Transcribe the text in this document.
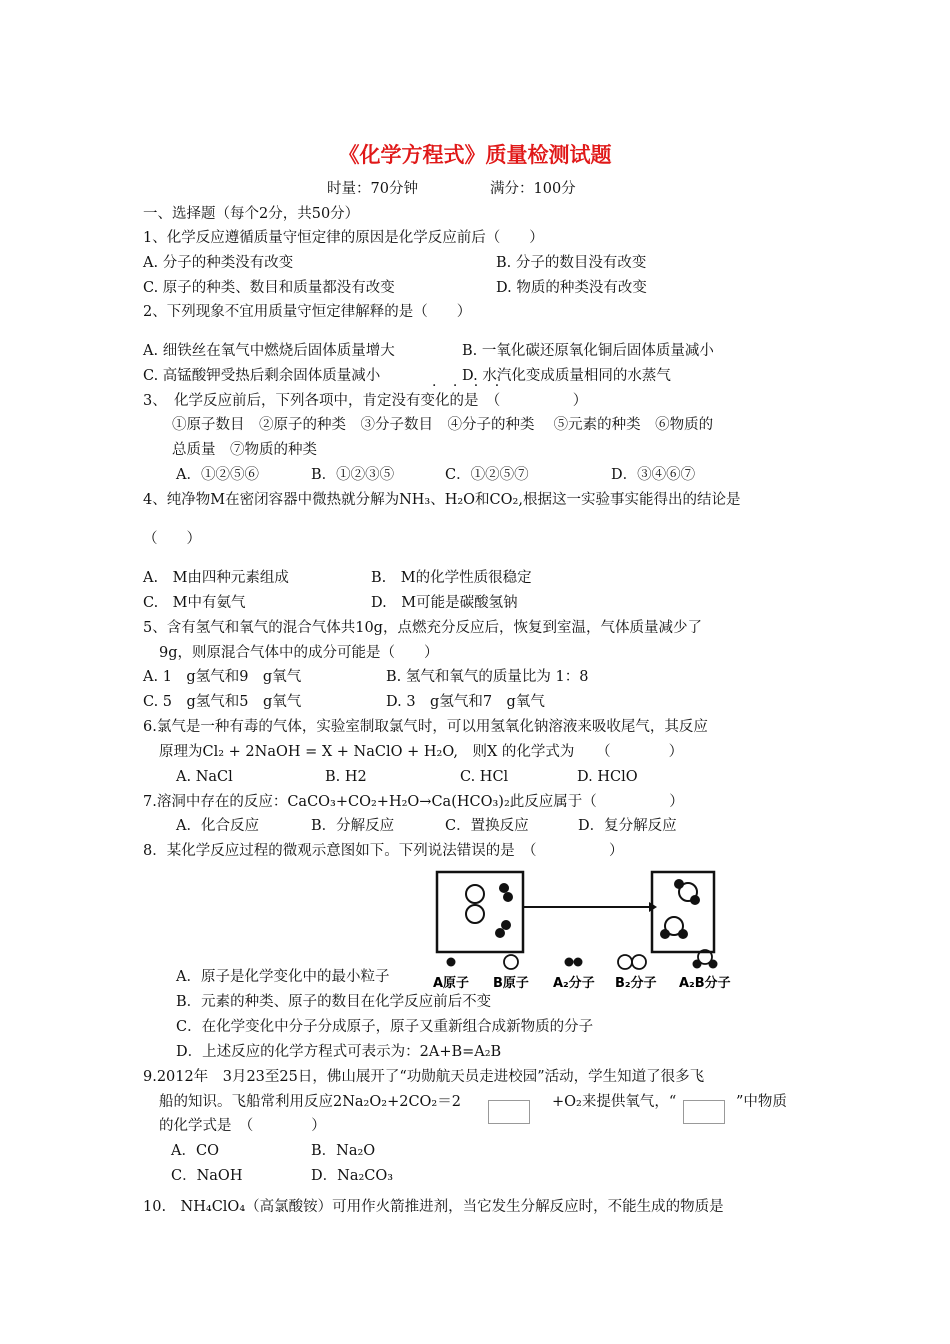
《化学方程式》质量检测试题
时量：70分钟	满分：100分
一、选择题（每个2分，共50分）
1、化学反应遵循质量守恒定律的原因是化学反应前后（　　）
A. 分子的种类没有改变	B. 分子的数目没有改变
C. 原子的种类、数目和质量都没有改变	D. 物质的种类没有改变
2、下列现象不宜用质量守恒定律解释的是（　　）
A. 细铁丝在氧气中燃烧后固体质量增大	B. 一氧化碳还原氧化铜后固体质量减小
C. 高锰酸钾受热后剩余固体质量减小	D. 水汽化变成质量相同的水蒸气
· · · ·
3、　化学反应前后，下列各项中，肯定没有变化的是　（　　　　　）
①原子数目　②原子的种类　③分子数目　④分子的种类　 ⑤元素的种类　⑥物质的
总质量　⑦物质的种类
A．①②⑤⑥	B．①②③⑤	C．①②⑤⑦	D．③④⑥⑦
4、纯净物M在密闭容器中微热就分解为NH₃、H₂O和CO₂,根据这一实验事实能得出的结论是
（　　）
A.　M由四种元素组成	B.　M的化学性质很稳定
C.　M中有氨气	D.　M可能是碳酸氢钠
5、含有氢气和氧气的混合气体共10g，点燃充分反应后，恢复到室温，气体质量减少了
9g，则原混合气体中的成分可能是（　　）
A. 1　g氢气和9　g氧气	B. 氢气和氧气的质量比为 1：8
C. 5　g氢气和5　g氧气	D. 3　g氢气和7　g氧气
6.氯气是一种有毒的气体，实验室制取氯气时，可以用氢氧化钠溶液来吸收尾气，其反应
原理为Cl₂ + 2NaOH = X + NaClO + H₂O,　则X 的化学式为　　（　　　　）
A. NaCl	B. H2	C. HCl	D. HClO
7.溶洞中存在的反应：CaCO₃+CO₂+H₂O→Ca(HCO₃)₂此反应属于（　　　　　）
A．化合反应	B．分解反应	C．置换反应	D．复分解反应
8．某化学反应过程的微观示意图如下。下列说法错误的是　（　　　　　）
A原子 B原子 A₂分子 B₂分子 A₂B分子
A．原子是化学变化中的最小粒子
B．元素的种类、原子的数目在化学反应前后不变
C．在化学变化中分子分成原子，原子又重新组合成新物质的分子
D．上述反应的化学方程式可表示为：2A+B=A₂B
9.2012年　3月23至25日，佛山展开了“功勋航天员走进校园”活动，学生知道了很多飞
船的知识。飞船常利用反应2Na₂O₂+2CO₂＝2	+O₂来提供氧气，“	”中物质
的化学式是　（　　　　）
A．CO	B．Na₂O
C．NaOH	D．Na₂CO₃
10.　NH₄ClO₄（高氯酸铵）可用作火箭推进剂，当它发生分解反应时，不能生成的物质是
